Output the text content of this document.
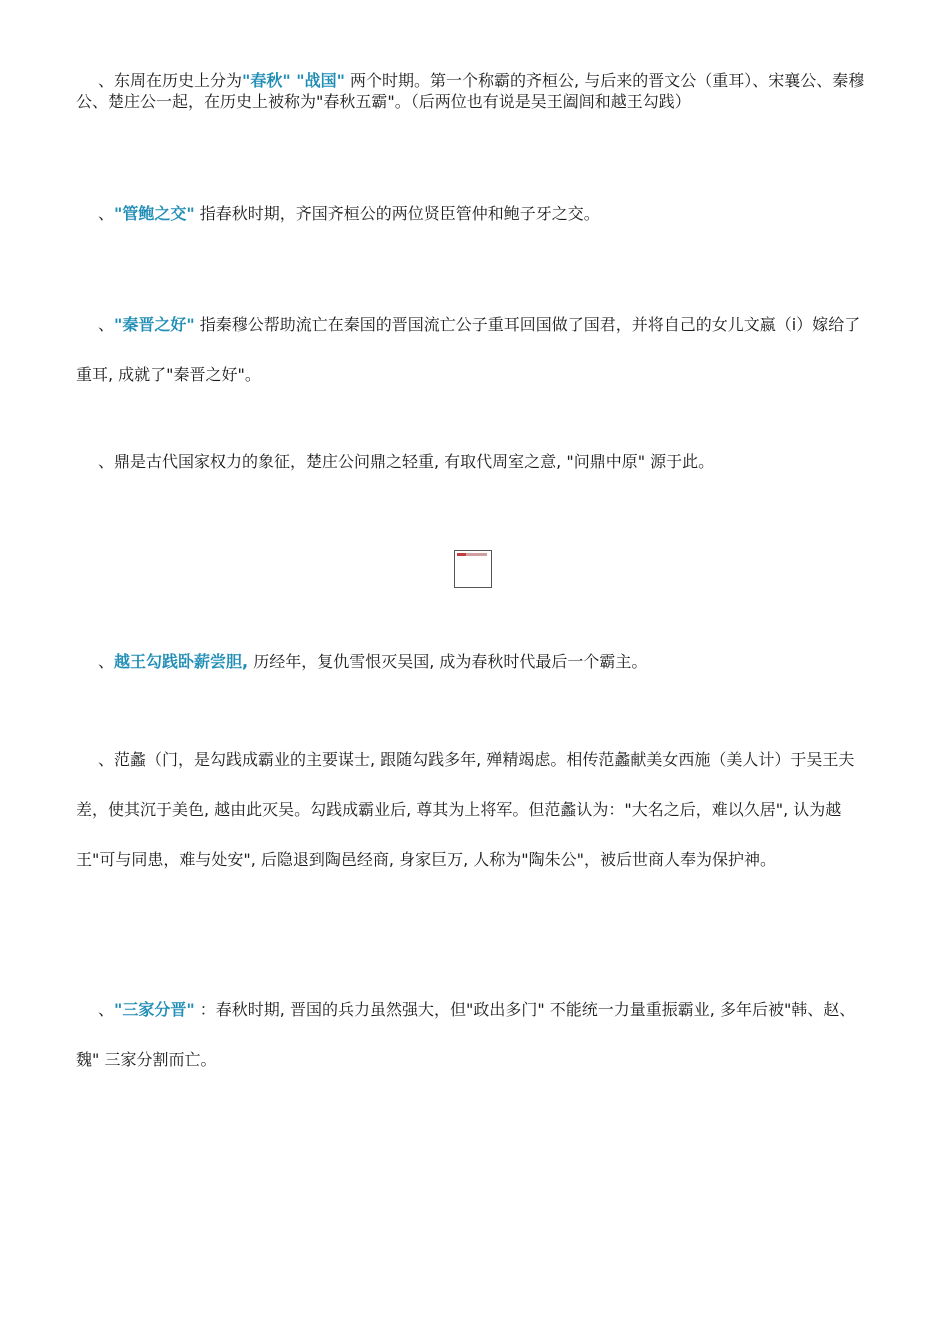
、东周在历史上分为"春秋" "战国" 两个时期。第一个称霸的齐桓公, 与后来的晋文公（重耳）、宋襄公、秦穆公、楚庄公一起，在历史上被称为"春秋五霸"。（后两位也有说是吴王阖闾和越王勾践）

、"管鲍之交" 指春秋时期，齐国齐桓公的两位贤臣管仲和鲍子牙之交。

、"秦晋之好" 指秦穆公帮助流亡在秦国的晋国流亡公子重耳回国做了国君，并将自己的女儿文嬴（i）嫁给了重耳, 成就了"秦晋之好"。

、鼎是古代国家权力的象征，楚庄公问鼎之轻重, 有取代周室之意, "问鼎中原" 源于此。

、越王勾践卧薪尝胆, 历经年，复仇雪恨灭吴国, 成为春秋时代最后一个霸主。

、范蠡（门，是勾践成霸业的主要谋士, 跟随勾践多年, 殚精竭虑。相传范蠡献美女西施（美人计）于吴王夫差，使其沉于美色, 越由此灭吴。勾践成霸业后, 尊其为上将军。但范蠡认为："大名之后，难以久居", 认为越王"可与同患，难与处安", 后隐退到陶邑经商, 身家巨万, 人称为"陶朱公"，被后世商人奉为保护神。

、"三家分晋" ：春秋时期, 晋国的兵力虽然强大，但"政出多门" 不能统一力量重振霸业, 多年后被"韩、赵、魏" 三家分割而亡。
